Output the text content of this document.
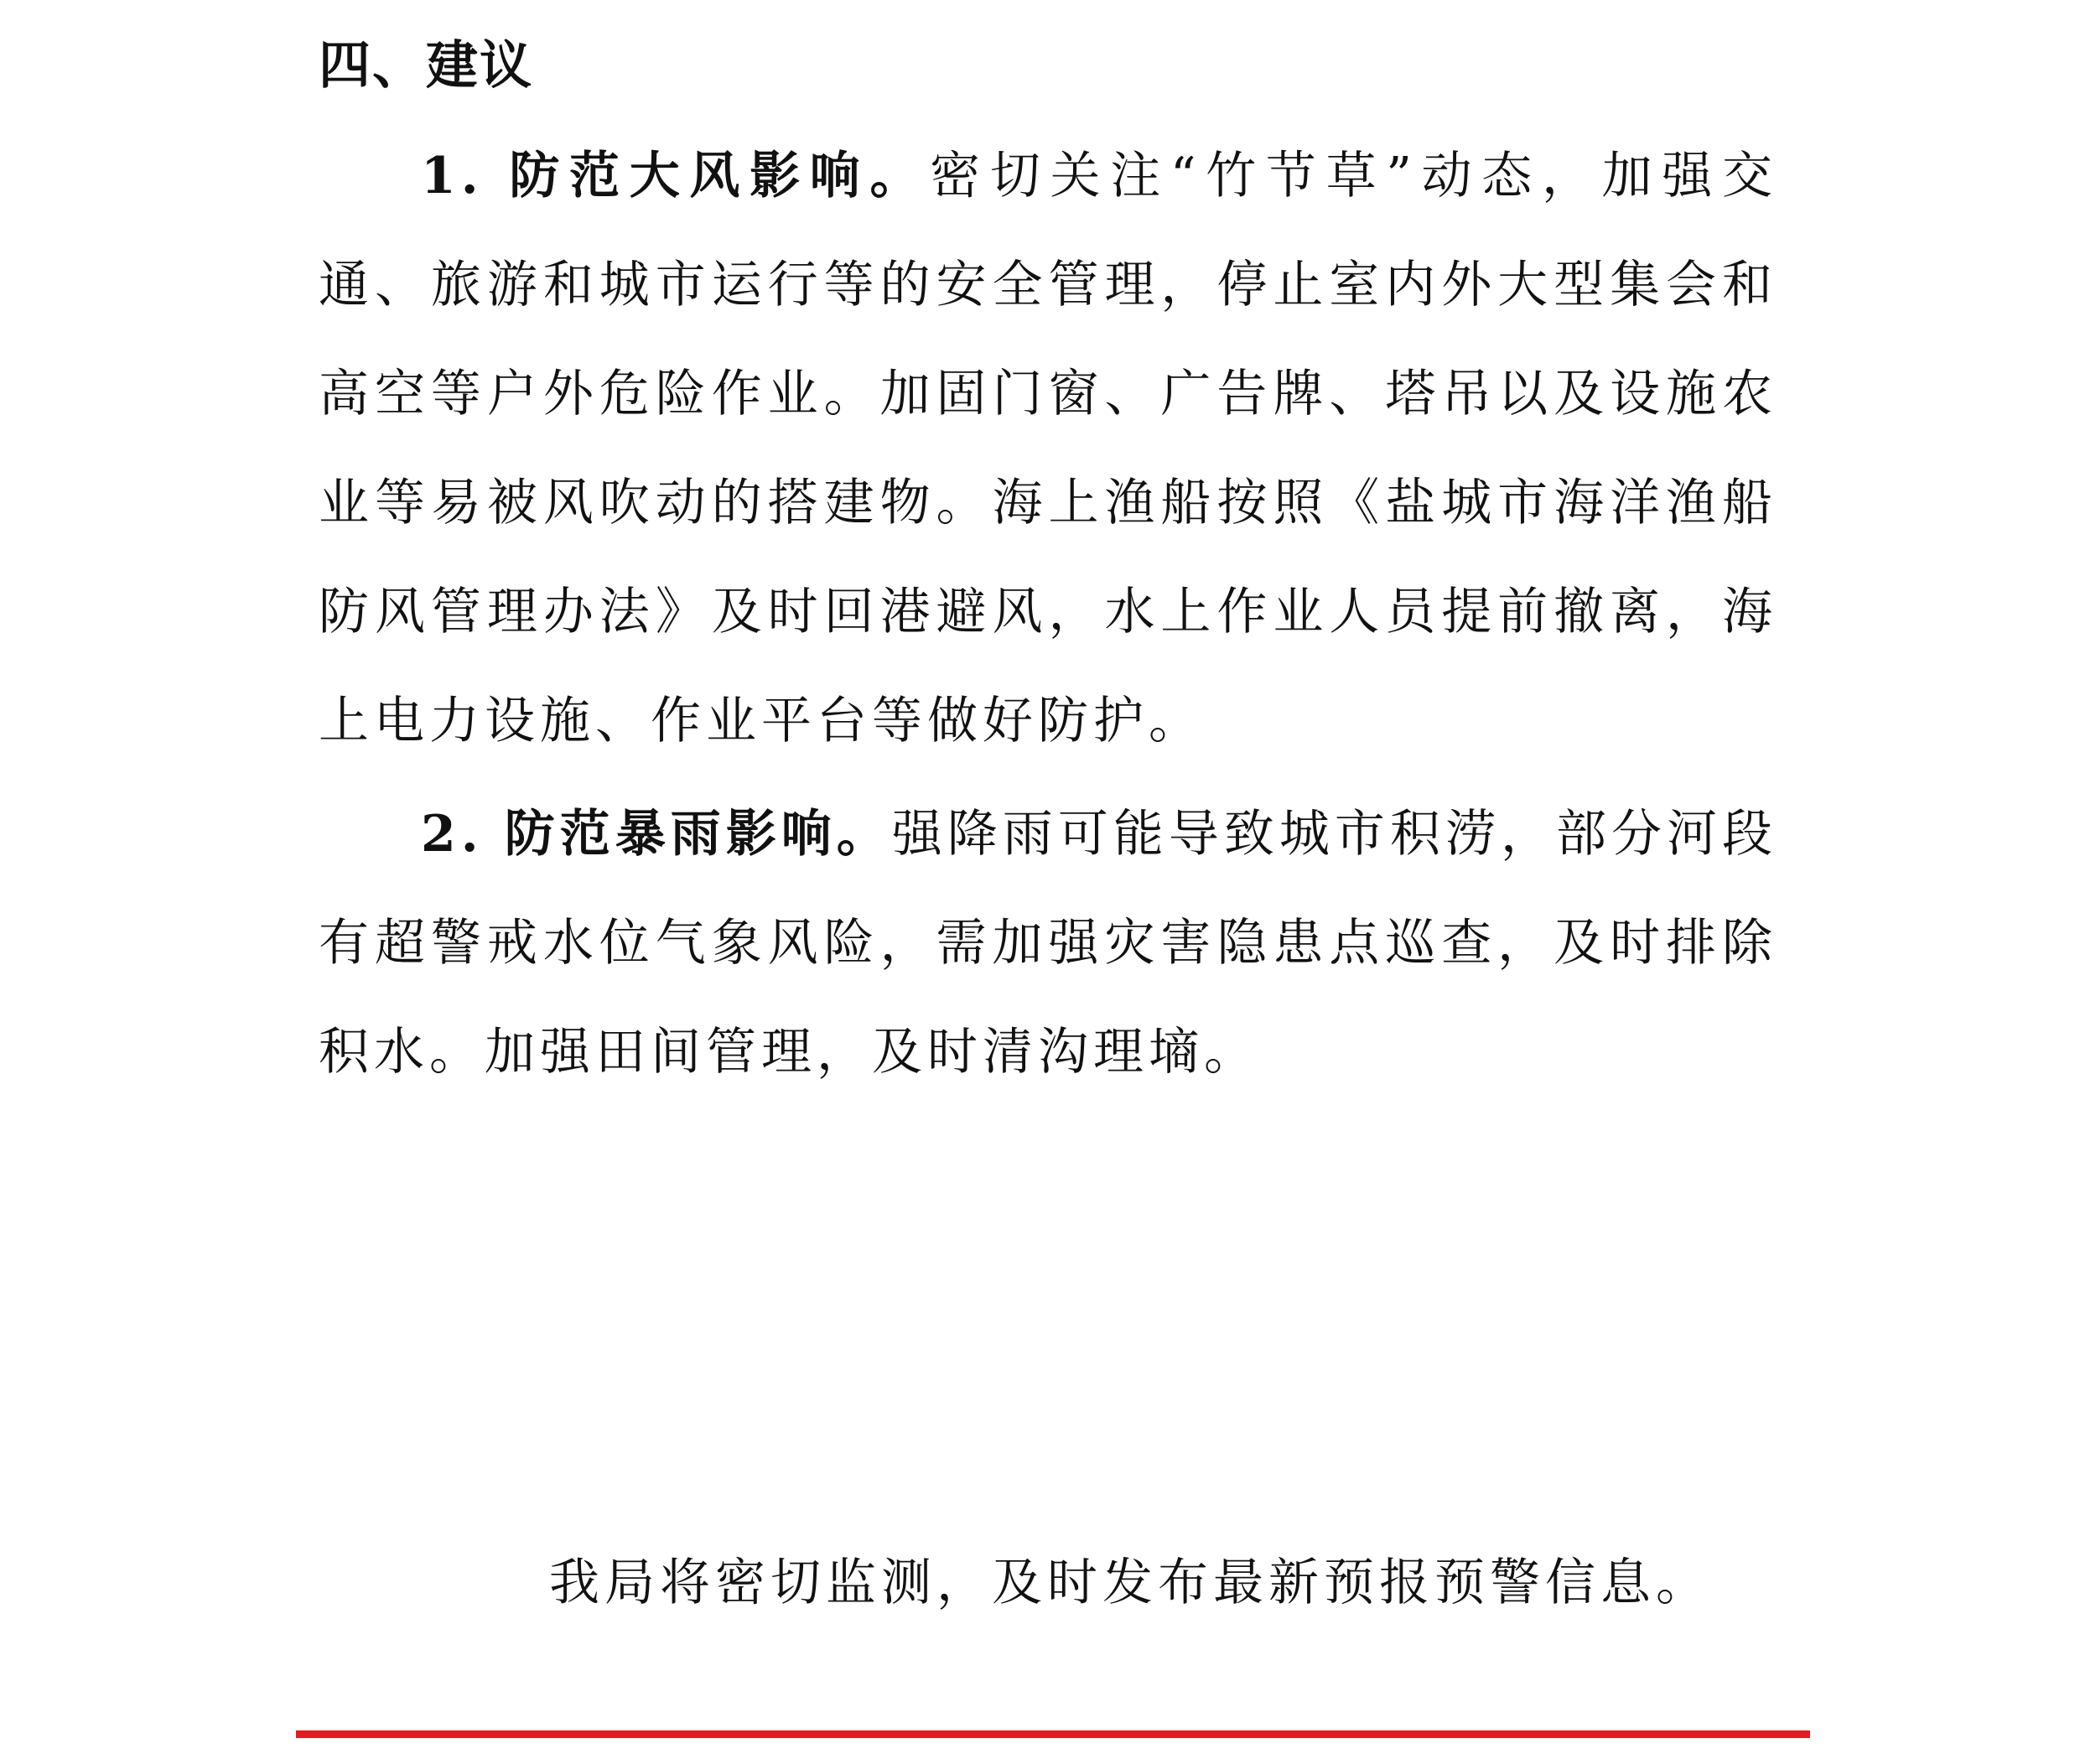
四、建议

1. 防范大风影响。密切关注“竹节草”动态，加强交通、旅游和城市运行等的安全管理，停止室内外大型集会和高空等户外危险作业。加固门窗、广告牌、塔吊以及设施农业等易被风吹动的搭建物。海上渔船按照《盐城市海洋渔船防风管理办法》及时回港避风，水上作业人员提前撤离，海上电力设施、作业平台等做好防护。

2. 防范暴雨影响。强降雨可能导致城市积涝，部分河段有超警戒水位气象风险，需加强灾害隐患点巡查，及时排除积水。加强田间管理，及时清沟理墒。

我局将密切监测，及时发布最新预报预警信息。
